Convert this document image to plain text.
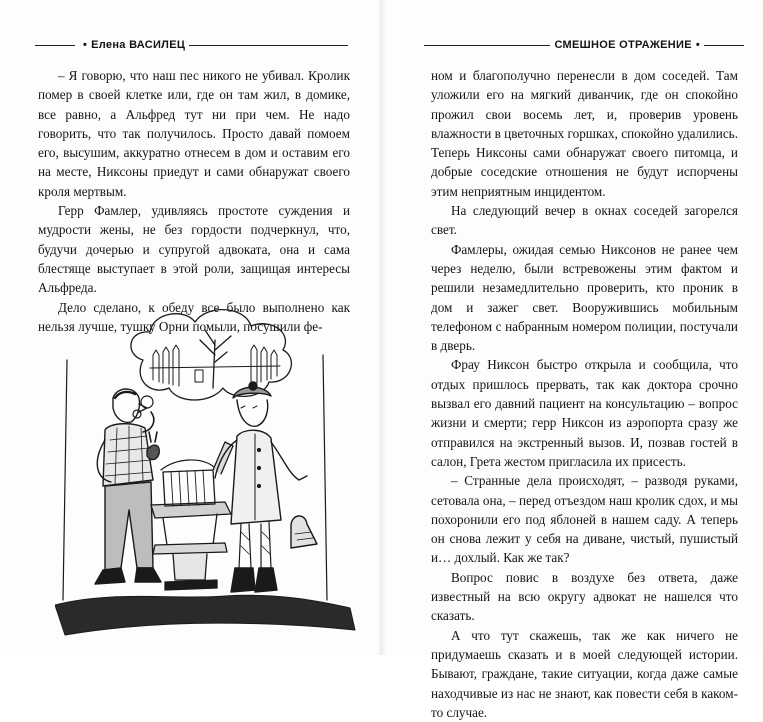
• Елена ВАСИЛЕЦ

– Я говорю, что наш пес никого не убивал. Кролик помер в своей клетке или, где он там жил, в домике, все равно, а Альфред тут ни при чем. Не надо говорить, что так получилось. Просто давай помоем его, высушим, аккуратно отнесем в дом и оставим его на месте, Никсоны приедут и сами обнаружат своего кроля мертвым.

Герр Фамлер, удивляясь простоте суждения и мудрости жены, не без гордости подчеркнул, что, будучи дочерью и супругой адвоката, она и сама блестяще выступает в этой роли, защищая интересы Альфреда.

Дело сделано, к обеду все было выполнено как нельзя лучше, тушку Орни помыли, посушили фе-

СМЕШНОЕ ОТРАЖЕНИЕ •

ном и благополучно перенесли в дом соседей. Там уложили его на мягкий диванчик, где он спокойно прожил свои восемь лет, и, проверив уровень влажности в цветочных горшках, спокойно удалились. Теперь Никсоны сами обнаружат своего питомца, и добрые соседские отношения не будут испорчены этим неприятным инцидентом.

На следующий вечер в окнах соседей загорелся свет.

Фамлеры, ожидая семью Никсонов не ранее чем через неделю, были встревожены этим фактом и решили незамедлительно проверить, кто проник в дом и зажег свет. Вооружившись мобильным телефоном с набранным номером полиции, постучали в дверь.

Фрау Никсон быстро открыла и сообщила, что отдых пришлось прервать, так как доктора срочно вызвал его давний пациент на консультацию – вопрос жизни и смерти; герр Никсон из аэропорта сразу же отправился на экстренный вызов. И, позвав гостей в салон, Грета жестом пригласила их присесть.

– Странные дела происходят, – разводя руками, сетовала она, – перед отъездом наш кролик сдох, и мы похоронили его под яблоней в нашем саду. А теперь он снова лежит у себя на диване, чистый, пушистый и… дохлый. Как же так?

Вопрос повис в воздухе без ответа, даже известный на всю округу адвокат не нашелся что сказать.

А что тут скажешь, так же как ничего не придумаешь сказать и в моей следующей истории. Бывают, граждане, такие ситуации, когда даже самые находчивые из нас не знают, как повести себя в каком-то случае.
